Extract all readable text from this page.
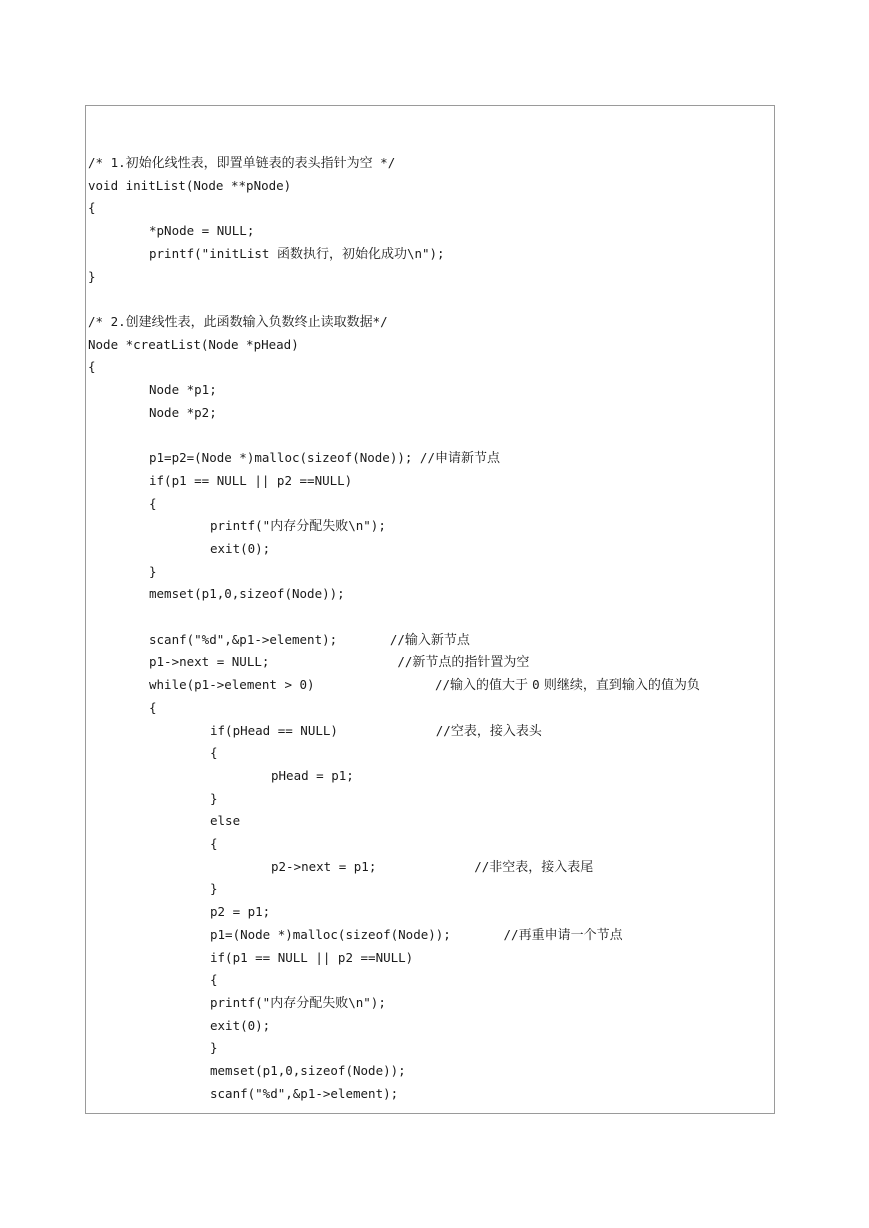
/* 1.初始化线性表，即置单链表的表头指针为空 */
void initList(Node **pNode)
{
*pNode = NULL;
printf("initList 函数执行，初始化成功\n");
}
/* 2.创建线性表，此函数输入负数终止读取数据*/
Node *creatList(Node *pHead)
{
Node *p1;
Node *p2;
p1=p2=(Node *)malloc(sizeof(Node)); //申请新节点
if(p1 == NULL || p2 ==NULL)
{
printf("内存分配失败\n");
exit(0);
}
memset(p1,0,sizeof(Node));
scanf("%d",&p1->element);       //输入新节点
p1->next = NULL;                 //新节点的指针置为空
while(p1->element > 0)                //输入的值大于 0 则继续，直到输入的值为负
{
if(pHead == NULL)             //空表，接入表头
{
pHead = p1;
}
else
{
p2->next = p1;             //非空表，接入表尾
}
p2 = p1;
p1=(Node *)malloc(sizeof(Node));       //再重申请一个节点
if(p1 == NULL || p2 ==NULL)
{
printf("内存分配失败\n");
exit(0);
}
memset(p1,0,sizeof(Node));
scanf("%d",&p1->element);
